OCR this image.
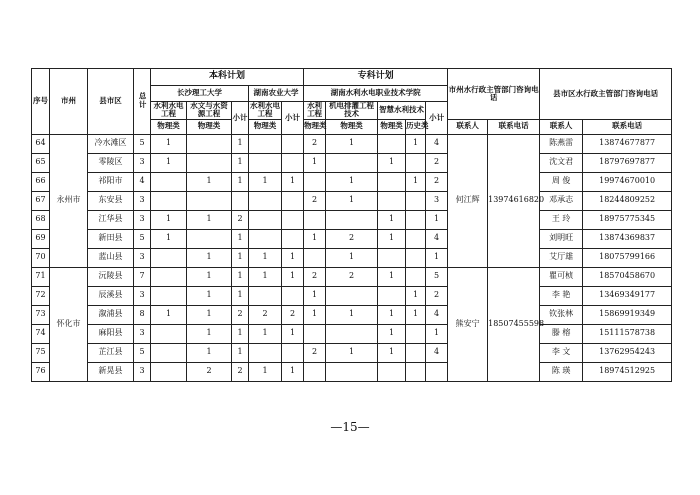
序号	市州	县市区	总计	本科计划					专科计划					市州水行政主管部门咨询电话		县市区水行政主管部门咨询电话	
				长沙理工大学			湖南农业大学		湖南水利水电职业技术学院								
				水利水电工程	水文与水资源工程	小计	水利水电工程	小计	水利工程	机电排灌工程技术	智慧水利技术		小计				
				物理类	物理类		物理类		物理类	物理类	物理类	历史类		联系人	联系电话	联系人	联系电话
64	永州市	冷水滩区	5	1		1			2	1		1	4	何江辉	13974616820	陈燕雷	13874677877
65		零陵区	3	1		1			1		1		2			沈文君	18797697877
66		祁阳市	4		1	1	1	1		1		1	2			周 俊	19974670010
67		东安县	3						2	1			3			邓承志	18244809252
68		江华县	3	1	1	2					1		1			王 玲	18975775345
69		新田县	5	1		1			1	2	1		4			刘明旺	13874369837
70		蓝山县	3		1	1	1	1		1			1			艾厅雄	18075799166
71	怀化市	沅陵县	7		1	1	1	1	2	2	1		5	熊安宁	18507455598	瞿可桢	18570458670
72		辰溪县	3		1	1			1			1	2			李 艳	13469349177
73		溆浦县	8	1	1	2	2	2	1	1	1	1	4			钦张林	15869919349
74		麻阳县	3		1	1	1	1			1		1			滕 榕	15111578738
75		芷江县	5		1	1			2	1	1		4			李 文	13762954243
76		新晃县	3		2	2	1	1								陈 瑛	18974512925
—15—
